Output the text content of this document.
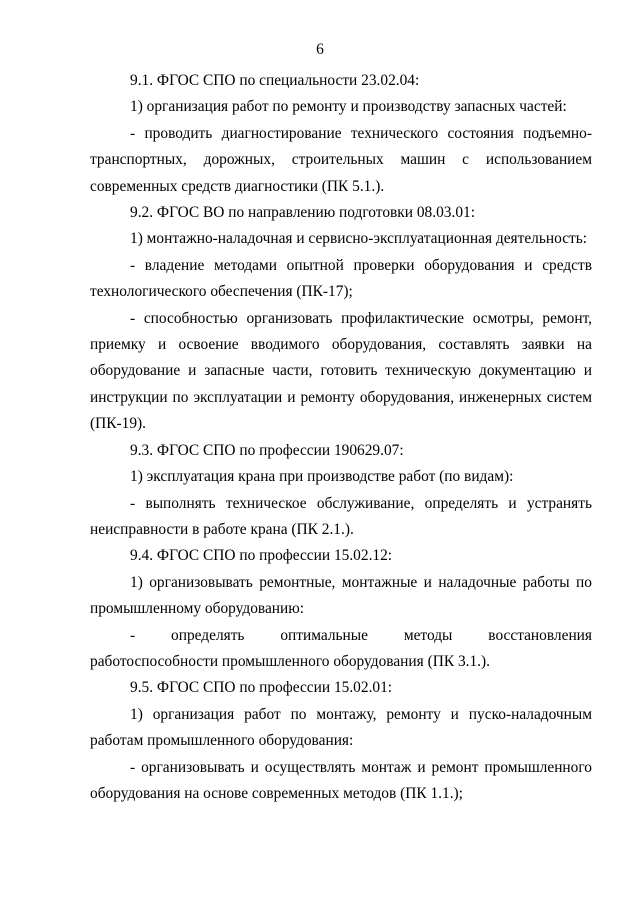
6

9.1. ФГОС СПО по специальности 23.02.04:

1) организация работ по ремонту и производству запасных частей:

- проводить диагностирование технического состояния подъемно-транспортных, дорожных, строительных машин с использованием современных средств диагностики (ПК 5.1.).

9.2. ФГОС ВО по направлению подготовки 08.03.01:

1) монтажно-наладочная и сервисно-эксплуатационная деятельность:

- владение методами опытной проверки оборудования и средств технологического обеспечения (ПК-17);

- способностью организовать профилактические осмотры, ремонт, приемку и освоение вводимого оборудования, составлять заявки на оборудование и запасные части, готовить техническую документацию и инструкции по эксплуатации и ремонту оборудования, инженерных систем (ПК-19).

9.3. ФГОС СПО по профессии 190629.07:

1) эксплуатация крана при производстве работ (по видам):

- выполнять техническое обслуживание, определять и устранять неисправности в работе крана (ПК 2.1.).

9.4. ФГОС СПО по профессии 15.02.12:

1) организовывать ремонтные, монтажные и наладочные работы по промышленному оборудованию:

- определять оптимальные методы восстановления работоспособности промышленного оборудования (ПК 3.1.).

9.5. ФГОС СПО по профессии 15.02.01:

1) организация работ по монтажу, ремонту и пуско-наладочным работам промышленного оборудования:

- организовывать и осуществлять монтаж и ремонт промышленного оборудования на основе современных методов (ПК 1.1.);
